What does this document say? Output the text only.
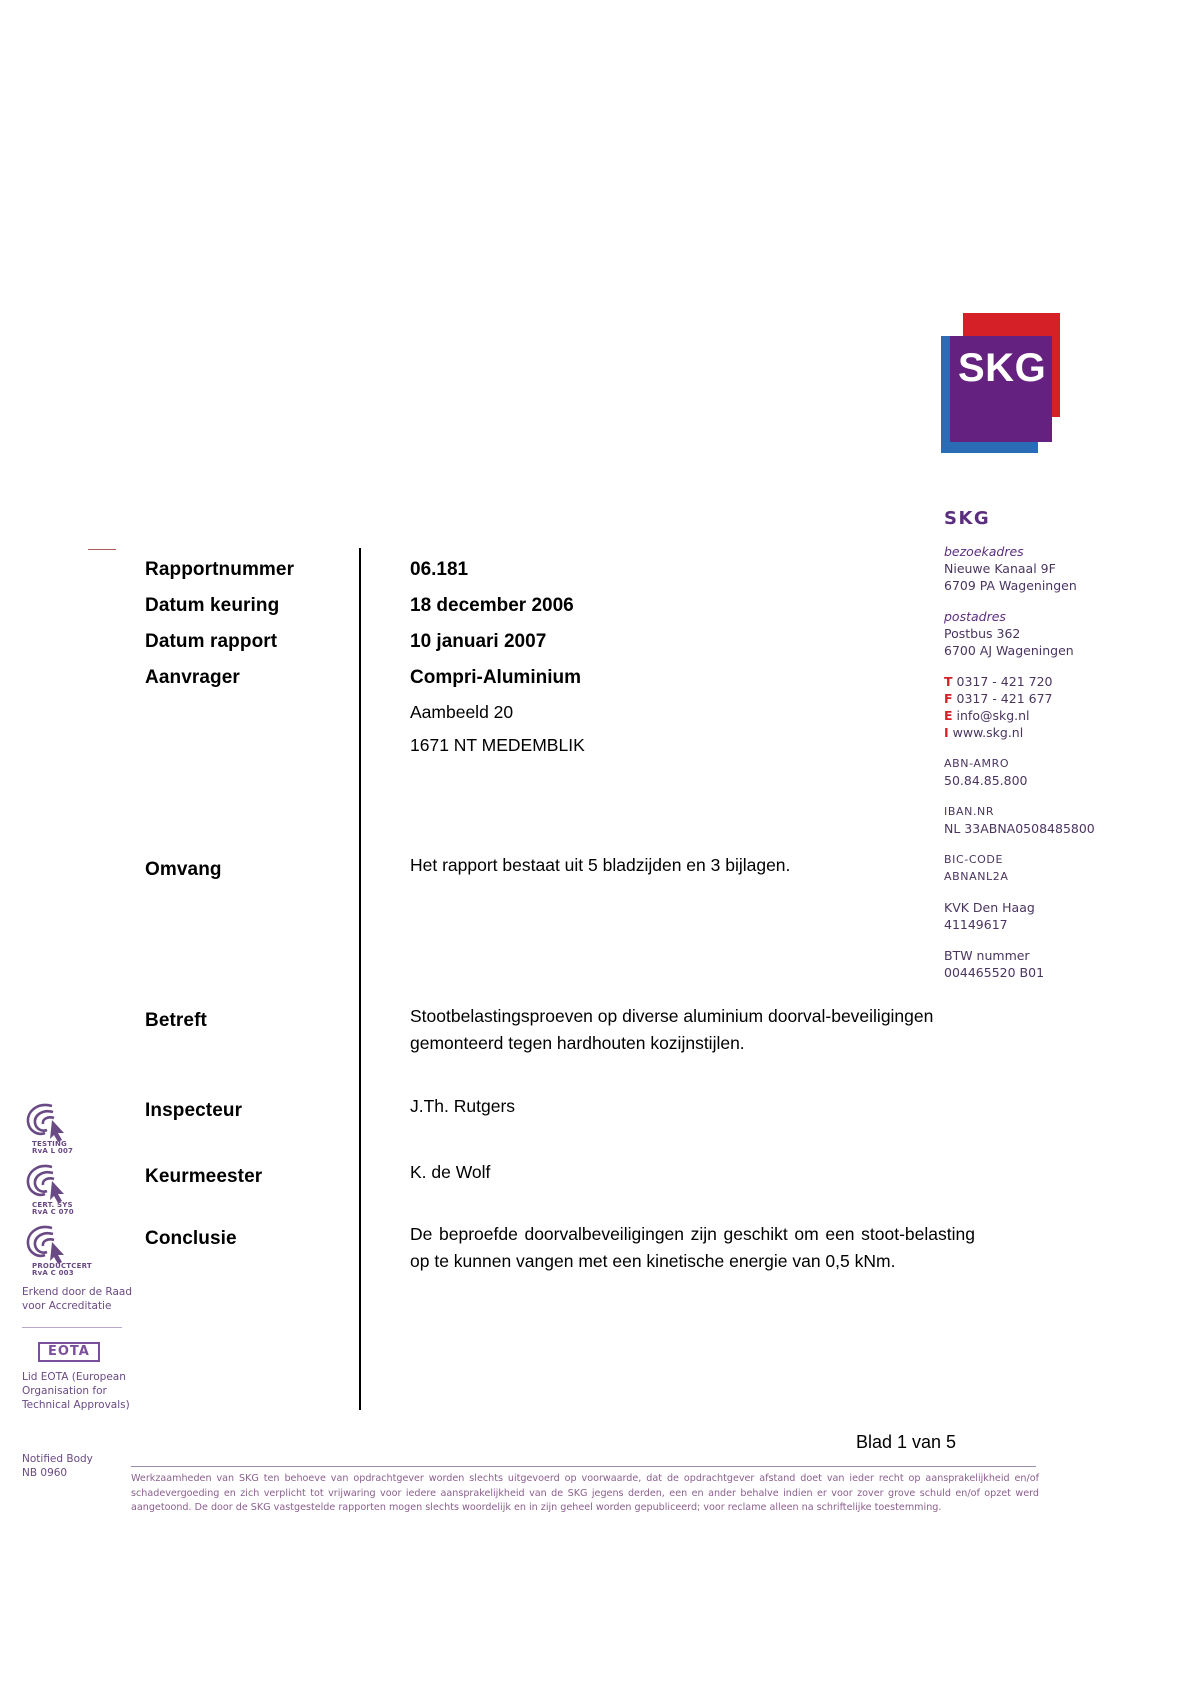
SKG
SKG
bezoekadres
Nieuwe Kanaal 9F
6709 PA Wageningen
postadres
Postbus 362
6700 AJ Wageningen
T 0317 - 421 720
F 0317 - 421 677
E info@skg.nl
I www.skg.nl
ABN-AMRO
50.84.85.800
IBAN.NR
NL 33ABNA0508485800
BIC-CODE
ABNANL2A
KVK Den Haag
41149617
BTW nummer
004465520 B01
Rapportnummer	06.181
Datum keuring	18 december 2006
Datum rapport	10 januari 2007
Aanvrager	Compri-Aluminium
Aambeeld 20
1671 NT MEDEMBLIK
Omvang	Het rapport bestaat uit 5 bladzijden en 3 bijlagen.
Betreft	Stootbelastingsproeven op diverse aluminium doorval-beveiligingen gemonteerd tegen hardhouten kozijnstijlen.
Inspecteur	J.Th. Rutgers
Keurmeester	K. de Wolf
Conclusie	De beproefde doorvalbeveiligingen zijn geschikt om een stoot-belasting op te kunnen vangen met een kinetische energie van 0,5 kNm.
TESTING
RvA L 007
CERT. SYS
RvA C 070
PRODUCTCERT
RvA C 003
Erkend door de Raad voor Accreditatie
EOTA
Lid EOTA (European Organisation for Technical Approvals)
Notified Body
NB 0960
Blad 1 van 5
Werkzaamheden van SKG ten behoeve van opdrachtgever worden slechts uitgevoerd op voorwaarde, dat de opdrachtgever afstand doet van ieder recht op aansprakelijkheid en/of schadevergoeding en zich verplicht tot vrijwaring voor iedere aansprakelijkheid van de SKG jegens derden, een en ander behalve indien er voor zover grove schuld en/of opzet werd aangetoond. De door de SKG vastgestelde rapporten mogen slechts woordelijk en in zijn geheel worden gepubliceerd; voor reclame alleen na schriftelijke toestemming.
